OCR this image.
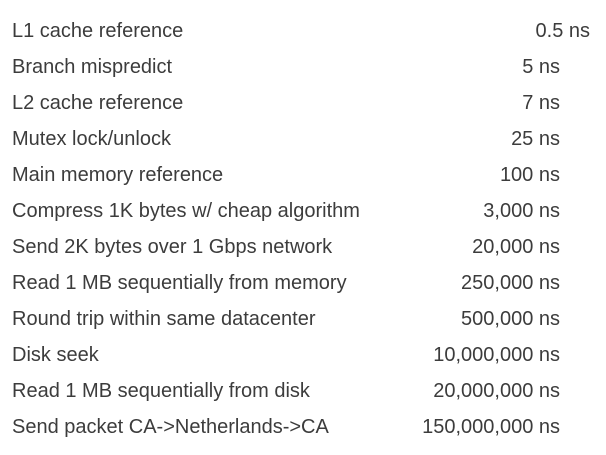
L1 cache reference	0.5 ns
Branch mispredict	5 ns
L2 cache reference	7 ns
Mutex lock/unlock	25 ns
Main memory reference	100 ns
Compress 1K bytes w/ cheap algorithm	3,000 ns
Send 2K bytes over 1 Gbps network	20,000 ns
Read 1 MB sequentially from memory	250,000 ns
Round trip within same datacenter	500,000 ns
Disk seek	10,000,000 ns
Read 1 MB sequentially from disk	20,000,000 ns
Send packet CA->Netherlands->CA	150,000,000 ns
